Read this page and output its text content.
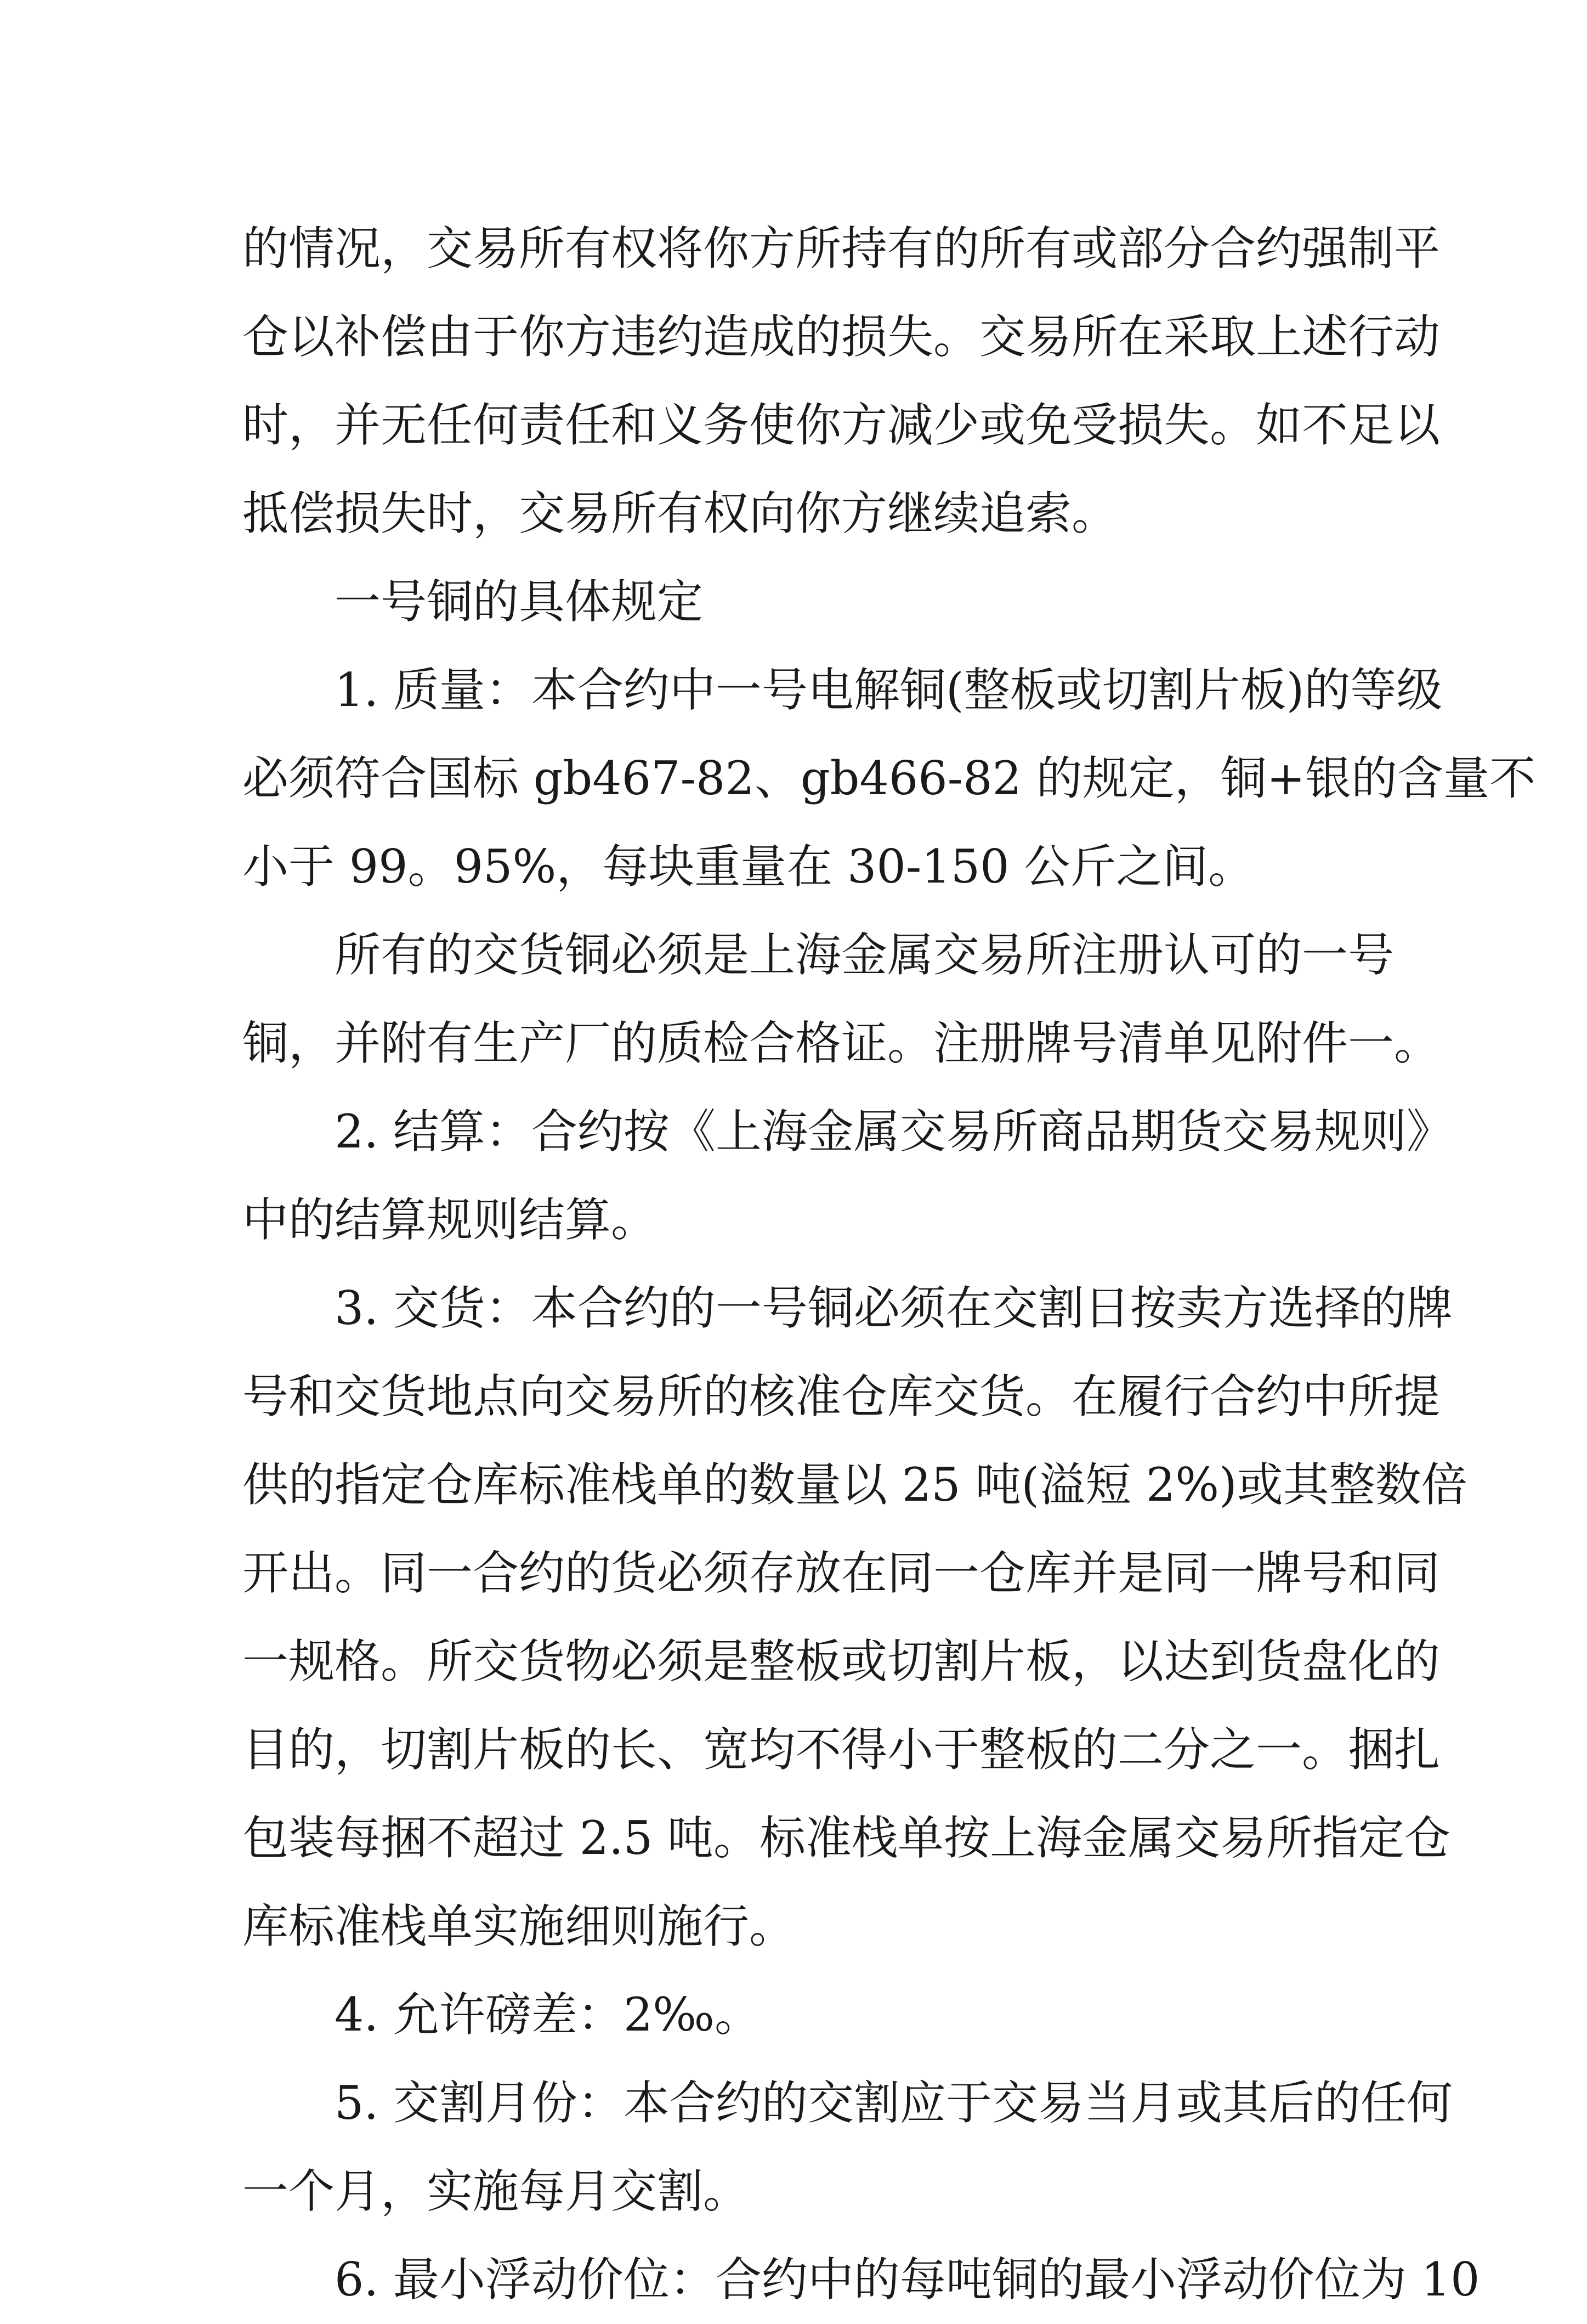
的情况，交易所有权将你方所持有的所有或部分合约强制平
仓以补偿由于你方违约造成的损失。交易所在采取上述行动
时，并无任何责任和义务使你方减少或免受损失。如不足以
抵偿损失时，交易所有权向你方继续追索。
一号铜的具体规定
1. 质量：本合约中一号电解铜(整板或切割片板)的等级
必须符合国标 gb467-82、gb466-82 的规定，铜+银的含量不
小于 99。95%，每块重量在 30-150 公斤之间。
所有的交货铜必须是上海金属交易所注册认可的一号
铜，并附有生产厂的质检合格证。注册牌号清单见附件一。
2. 结算：合约按《上海金属交易所商品期货交易规则》
中的结算规则结算。
3. 交货：本合约的一号铜必须在交割日按卖方选择的牌
号和交货地点向交易所的核准仓库交货。在履行合约中所提
供的指定仓库标准栈单的数量以 25 吨(溢短 2%)或其整数倍
开出。同一合约的货必须存放在同一仓库并是同一牌号和同
一规格。所交货物必须是整板或切割片板，以达到货盘化的
目的，切割片板的长、宽均不得小于整板的二分之一。捆扎
包装每捆不超过 2.5 吨。标准栈单按上海金属交易所指定仓
库标准栈单实施细则施行。
4. 允许磅差：2‰。
5. 交割月份：本合约的交割应于交易当月或其后的任何
一个月，实施每月交割。
6. 最小浮动价位：合约中的每吨铜的最小浮动价位为 10
